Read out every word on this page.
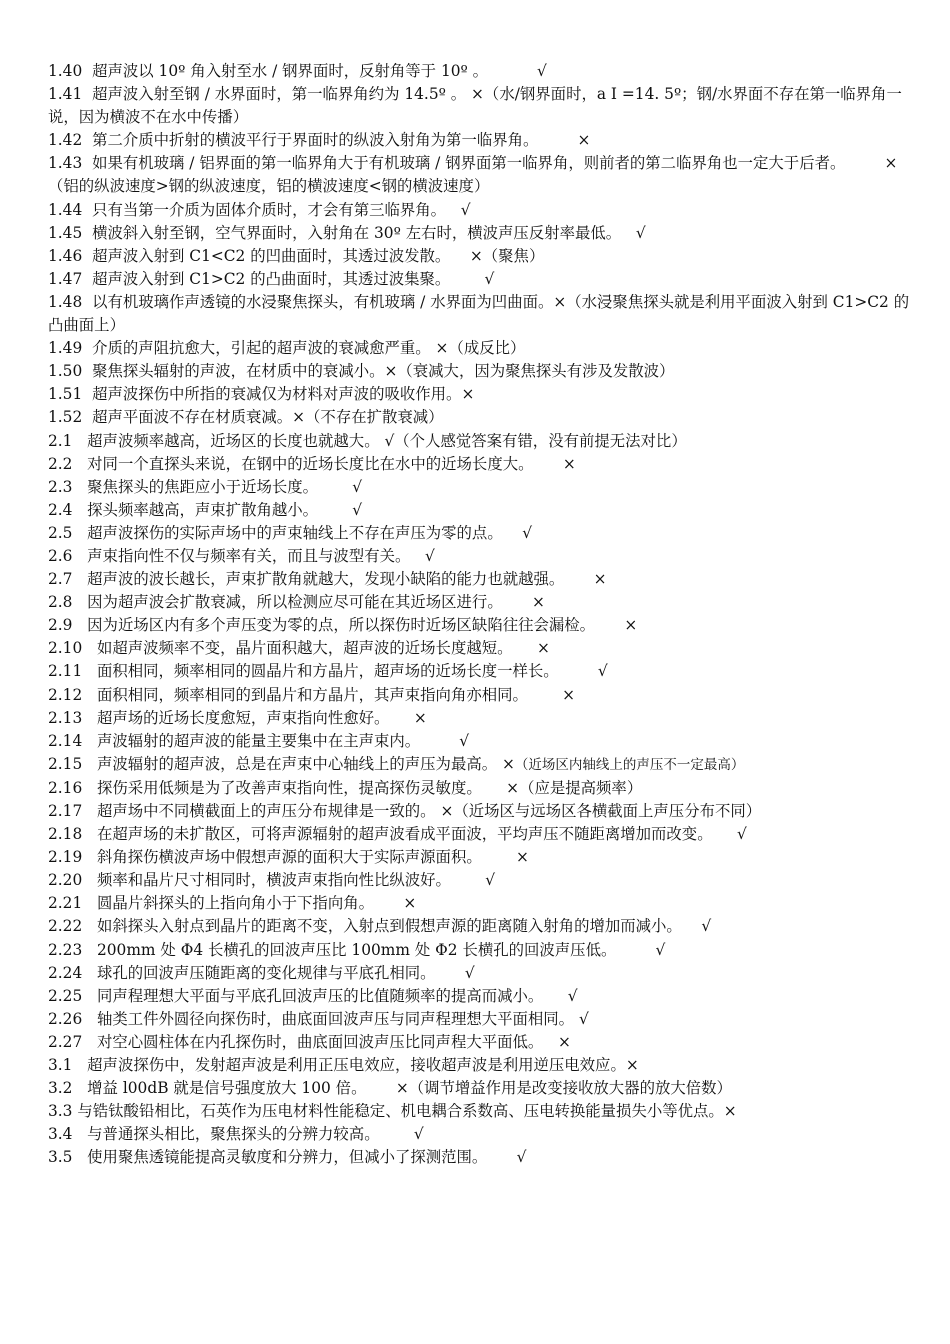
1.40  超声波以 10º 角入射至水 / 钢界面时，反射角等于 10º 。          √

1.41  超声波入射至钢 / 水界面时，第一临界角约为 14.5º 。 ×（水/钢界面时，a Ⅰ =14. 5º；钢/水界面不存在第一临界角一说，因为横波不在水中传播）

1.42  第二介质中折射的横波平行于界面时的纵波入射角为第一临界角。        ×

1.43  如果有机玻璃 / 铝界面的第一临界角大于有机玻璃 / 钢界面第一临界角，则前者的第二临界角也一定大于后者。        ×（铝的纵波速度>钢的纵波速度，铝的横波速度<钢的横波速度）

1.44  只有当第一介质为固体介质时，才会有第三临界角。   √

1.45  横波斜入射至钢，空气界面时，入射角在 30º 左右时，横波声压反射率最低。   √

1.46  超声波入射到 C1<C2 的凹曲面时，其透过波发散。    ×（聚焦）

1.47  超声波入射到 C1>C2 的凸曲面时，其透过波集聚。       √

1.48  以有机玻璃作声透镜的水浸聚焦探头，有机玻璃 / 水界面为凹曲面。×（水浸聚焦探头就是利用平面波入射到 C1>C2 的凸曲面上）

1.49  介质的声阻抗愈大，引起的超声波的衰减愈严重。 ×（成反比）

1.50  聚焦探头辐射的声波，在材质中的衰减小。×（衰减大，因为聚焦探头有涉及发散波）

1.51  超声波探伤中所指的衰减仅为材料对声波的吸收作用。×

1.52  超声平面波不存在材质衰减。×（不存在扩散衰减）

2.1   超声波频率越高，近场区的长度也就越大。 √（个人感觉答案有错，没有前提无法对比）

2.2   对同一个直探头来说，在钢中的近场长度比在水中的近场长度大。      ×

2.3   聚焦探头的焦距应小于近场长度。       √

2.4   探头频率越高，声束扩散角越小。       √

2.5   超声波探伤的实际声场中的声束轴线上不存在声压为零的点。    √

2.6   声束指向性不仅与频率有关，而且与波型有关。   √

2.7   超声波的波长越长，声束扩散角就越大，发现小缺陷的能力也就越强。      ×

2.8   因为超声波会扩散衰减，所以检测应尽可能在其近场区进行。      ×

2.9   因为近场区内有多个声压变为零的点，所以探伤时近场区缺陷往往会漏检。      ×

2.10   如超声波频率不变，晶片面积越大，超声波的近场长度越短。     ×

2.11   面积相同，频率相同的圆晶片和方晶片，超声场的近场长度一样长。        √

2.12   面积相同，频率相同的到晶片和方晶片，其声束指向角亦相同。       ×

2.13   超声场的近场长度愈短，声束指向性愈好。     ×

2.14   声波辐射的超声波的能量主要集中在主声束内。        √

2.15   声波辐射的超声波，总是在声束中心轴线上的声压为最高。 ×（近场区内轴线上的声压不一定最高）

2.16   探伤采用低频是为了改善声束指向性，提高探伤灵敏度。     ×（应是提高频率）

2.17   超声场中不同横截面上的声压分布规律是一致的。 ×（近场区与远场区各横截面上声压分布不同）

2.18   在超声场的未扩散区，可将声源辐射的超声波看成平面波，平均声压不随距离增加而改变。     √

2.19   斜角探伤横波声场中假想声源的面积大于实际声源面积。       ×

2.20   频率和晶片尺寸相同时，横波声束指向性比纵波好。       √

2.21   圆晶片斜探头的上指向角小于下指向角。      ×

2.22   如斜探头入射点到晶片的距离不变，入射点到假想声源的距离随入射角的增加而减小。    √

2.23   200mm 处 Φ4 长横孔的回波声压比 100mm 处 Φ2 长横孔的回波声压低。        √

2.24   球孔的回波声压随距离的变化规律与平底孔相同。      √

2.25   同声程理想大平面与平底孔回波声压的比值随频率的提高而减小。     √

2.26   轴类工件外圆径向探伤时，曲底面回波声压与同声程理想大平面相同。 √

2.27   对空心圆柱体在内孔探伤时，曲底面回波声压比同声程大平面低。   ×

3.1   超声波探伤中，发射超声波是利用正压电效应，接收超声波是利用逆压电效应。×

3.2   增益 l00dB 就是信号强度放大 100 倍。      ×（调节增益作用是改变接收放大器的放大倍数）

3.3 与锆钛酸铅相比，石英作为压电材料性能稳定、机电耦合系数高、压电转换能量损失小等优点。×

3.4   与普通探头相比，聚焦探头的分辨力较高。       √

3.5   使用聚焦透镜能提高灵敏度和分辨力，但减小了探测范围。      √
